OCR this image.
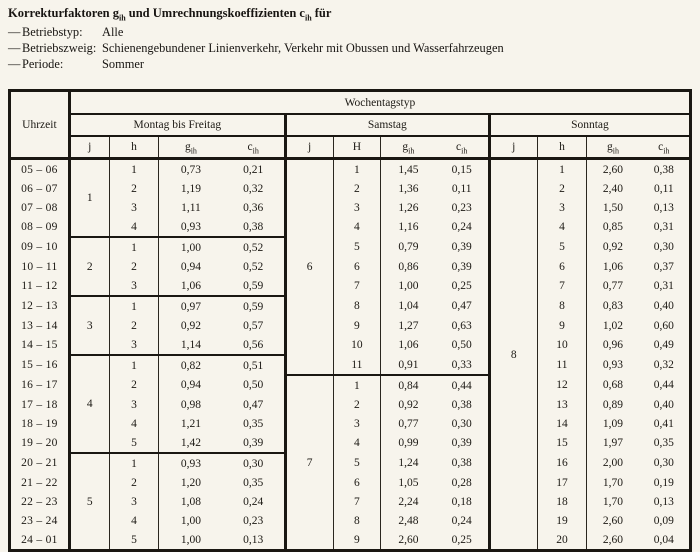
Korrekturfaktoren $g_{ih}$ und Umrechnungskoeffizienten $c_{ih}$ für
— Betriebstyp:	Alle
— Betriebszweig: Schienengebundener Linienverkehr, Verkehr mit Obussen und Wasserfahrzeugen
— Periode:	Sommer
Uhrzeit	Wochentagstyp											
	Montag bis Freitag				Samstag				Sonntag			
	j	h	$g_{ih}$	$c_{ih}$	j	H	$g_{ih}$	$c_{ih}$	j	h	$g_{ih}$	$c_{ih}$
05 – 06	1	1	0,73	0,21	6	1	1,45	0,15	8	1	2,60	0,38
06 – 07		2	1,19	0,32		2	1,36	0,11		2	2,40	0,11
07 – 08		3	1,11	0,36		3	1,26	0,23		3	1,50	0,13
08 – 09		4	0,93	0,38		4	1,16	0,24		4	0,85	0,31
09 – 10	2	1	1,00	0,52		5	0,79	0,39		5	0,92	0,30
10 – 11		2	0,94	0,52		6	0,86	0,39		6	1,06	0,37
11 – 12		3	1,06	0,59		7	1,00	0,25		7	0,77	0,31
12 – 13	3	1	0,97	0,59		8	1,04	0,47		8	0,83	0,40
13 – 14		2	0,92	0,57		9	1,27	0,63		9	1,02	0,60
14 – 15		3	1,14	0,56		10	1,06	0,50		10	0,96	0,49
15 – 16	4	1	0,82	0,51		11	0,91	0,33		11	0,93	0,32
16 – 17		2	0,94	0,50	7	1	0,84	0,44		12	0,68	0,44
17 – 18		3	0,98	0,47		2	0,92	0,38		13	0,89	0,40
18 – 19		4	1,21	0,35		3	0,77	0,30		14	1,09	0,41
19 – 20		5	1,42	0,39		4	0,99	0,39		15	1,97	0,35
20 – 21	5	1	0,93	0,30		5	1,24	0,38		16	2,00	0,30
21 – 22		2	1,20	0,35		6	1,05	0,28		17	1,70	0,19
22 – 23		3	1,08	0,24		7	2,24	0,18		18	1,70	0,13
23 – 24		4	1,00	0,23		8	2,48	0,24		19	2,60	0,09
24 – 01		5	1,00	0,13		9	2,60	0,25		20	2,60	0,04
